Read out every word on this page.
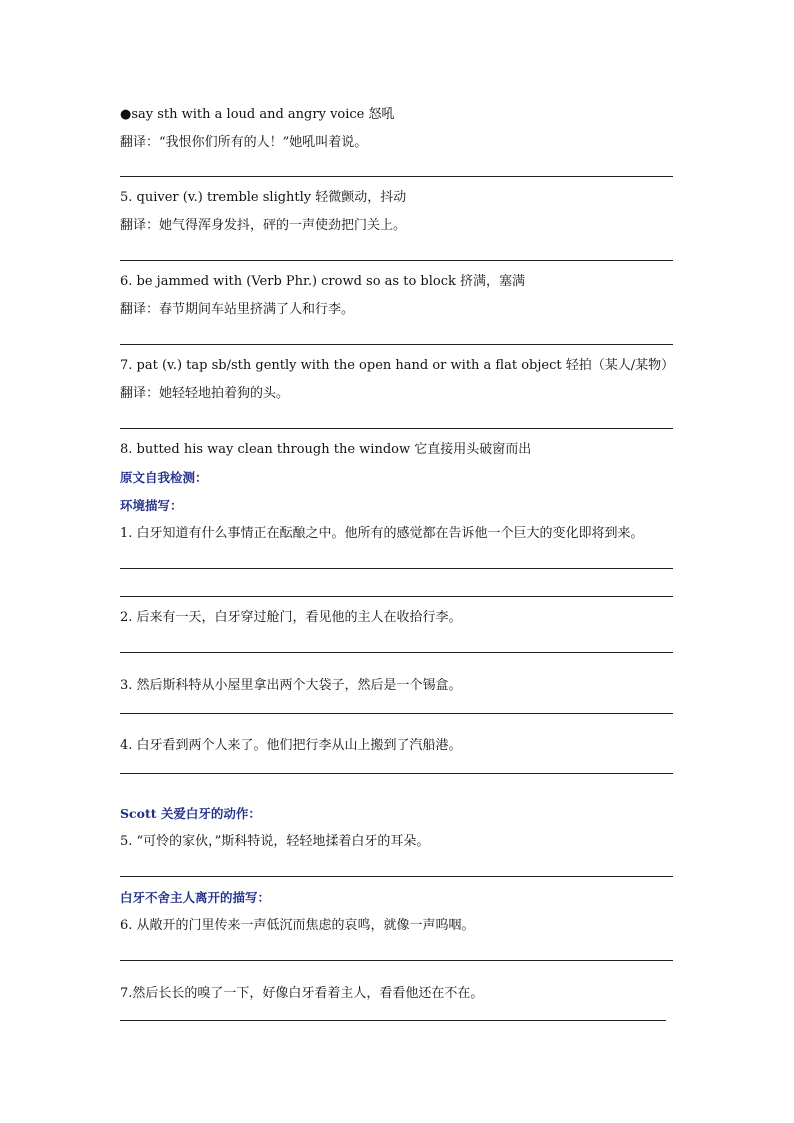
●say sth with a loud and angry voice 怒吼
翻译：“我恨你们所有的人！”她吼叫着说。
5. quiver (v.) tremble slightly 轻微颤动，抖动
翻译：她气得浑身发抖，砰的一声使劲把门关上。
6. be jammed with (Verb Phr.) crowd so as to block 挤满，塞满
翻译：春节期间车站里挤满了人和行李。
7. pat (v.) tap sb/sth gently with the open hand or with a flat object 轻拍（某人/某物）
翻译：她轻轻地拍着狗的头。
8. butted his way clean through the window 它直接用头破窗而出
原文自我检测：
环境描写：
1. 白牙知道有什么事情正在酝酿之中。他所有的感觉都在告诉他一个巨大的变化即将到来。
2. 后来有一天，白牙穿过舱门，看见他的主人在收拾行李。
3. 然后斯科特从小屋里拿出两个大袋子，然后是一个锡盒。
4. 白牙看到两个人来了。他们把行李从山上搬到了汽船港。
Scott 关爱白牙的动作：
5. “可怜的家伙，”斯科特说，轻轻地揉着白牙的耳朵。
白牙不舍主人离开的描写：
6. 从敞开的门里传来一声低沉而焦虑的哀鸣，就像一声呜咽。
7.然后长长的嗅了一下，好像白牙看着主人，看看他还在不在。
